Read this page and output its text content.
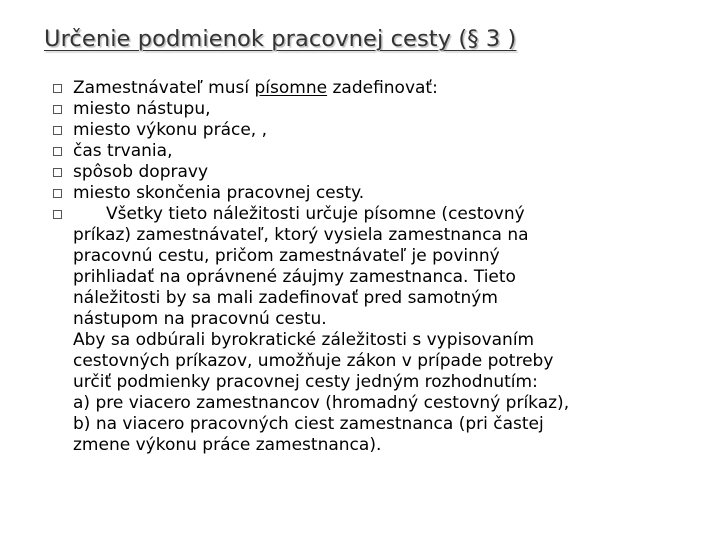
Určenie podmienok pracovnej cesty (§ 3 )
Zamestnávateľ musí písomne zadefinovať:
miesto nástupu,
miesto výkonu práce, ,
čas trvania,
spôsob dopravy
miesto skončenia pracovnej cesty.
Všetky tieto náležitosti určuje písomne (cestovný
príkaz) zamestnávateľ, ktorý vysiela zamestnanca na
pracovnú cestu, pričom zamestnávateľ je povinný
prihliadať na oprávnené záujmy zamestnanca. Tieto
náležitosti by sa mali zadefinovať pred samotným
nástupom na pracovnú cestu.
Aby sa odbúrali byrokratické záležitosti s vypisovaním
cestovných príkazov, umožňuje zákon v prípade potreby
určiť podmienky pracovnej cesty jedným rozhodnutím:
a) pre viacero zamestnancov (hromadný cestovný príkaz),
b) na viacero pracovných ciest zamestnanca (pri častej
zmene výkonu práce zamestnanca).
